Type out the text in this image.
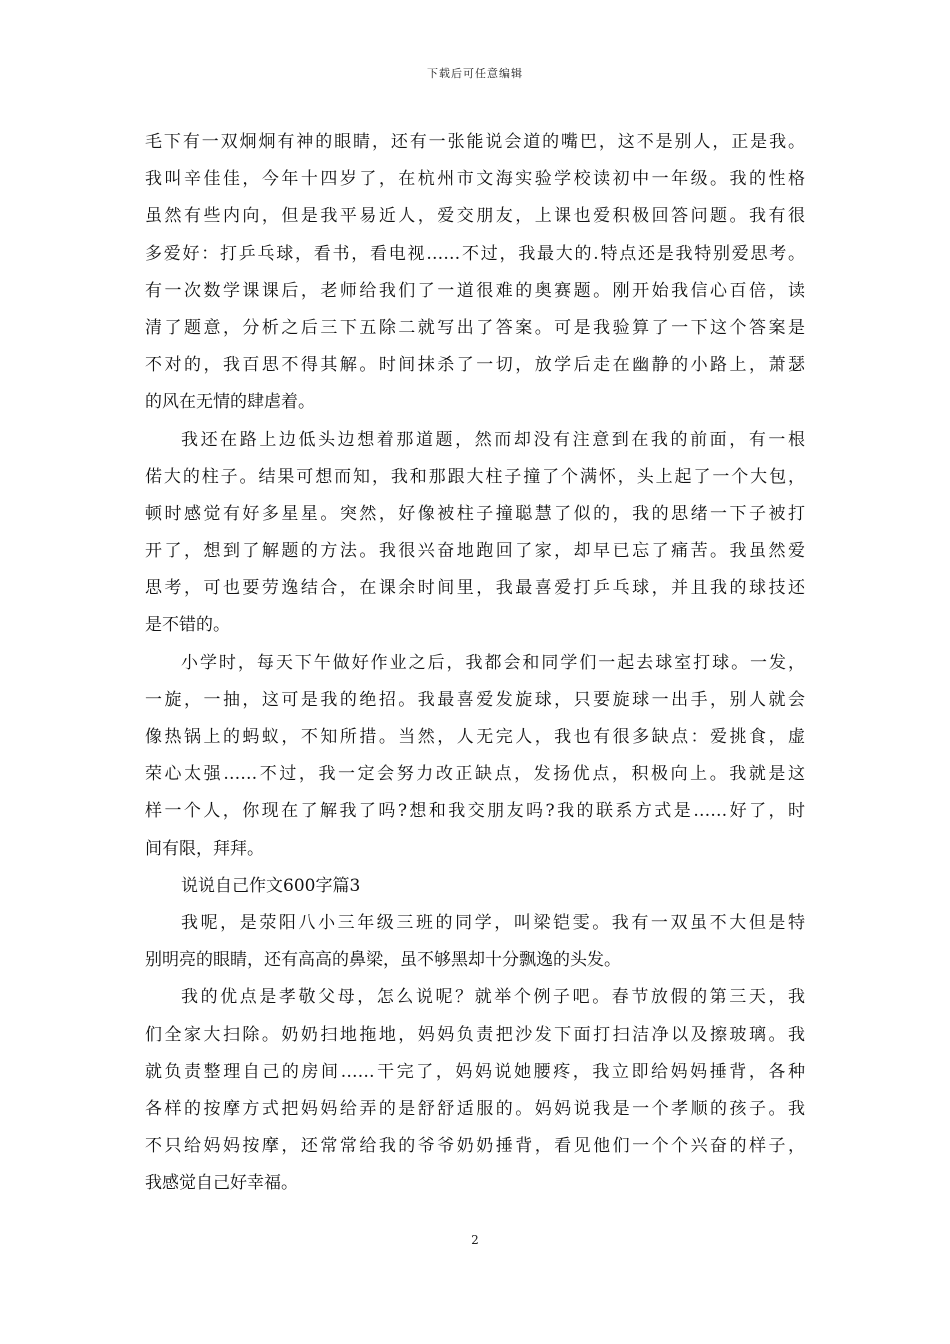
下载后可任意编辑
毛下有一双炯炯有神的眼睛，还有一张能说会道的嘴巴，这不是别人，正是我。
我叫辛佳佳，今年十四岁了，在杭州市文海实验学校读初中一年级。我的性格
虽然有些内向，但是我平易近人，爱交朋友，上课也爱积极回答问题。我有很
多爱好：打乒乓球，看书，看电视……不过，我最大的.特点还是我特别爱思考。
有一次数学课课后，老师给我们了一道很难的奥赛题。刚开始我信心百倍，读
清了题意，分析之后三下五除二就写出了答案。可是我验算了一下这个答案是
不对的，我百思不得其解。时间抹杀了一切，放学后走在幽静的小路上，萧瑟
的风在无情的肆虐着。
我还在路上边低头边想着那道题，然而却没有注意到在我的前面，有一根
偌大的柱子。结果可想而知，我和那跟大柱子撞了个满怀，头上起了一个大包，
顿时感觉有好多星星。突然，好像被柱子撞聪慧了似的，我的思绪一下子被打
开了，想到了解题的方法。我很兴奋地跑回了家，却早已忘了痛苦。我虽然爱
思考，可也要劳逸结合，在课余时间里，我最喜爱打乒乓球，并且我的球技还
是不错的。
小学时，每天下午做好作业之后，我都会和同学们一起去球室打球。一发，
一旋，一抽，这可是我的绝招。我最喜爱发旋球，只要旋球一出手，别人就会
像热锅上的蚂蚁，不知所措。当然，人无完人，我也有很多缺点：爱挑食，虚
荣心太强……不过，我一定会努力改正缺点，发扬优点，积极向上。我就是这
样一个人，你现在了解我了吗?想和我交朋友吗?我的联系方式是……好了，时
间有限，拜拜。
说说自己作文600字篇3
我呢，是荥阳八小三年级三班的同学，叫梁铠雯。我有一双虽不大但是特
别明亮的眼睛，还有高高的鼻梁，虽不够黑却十分飘逸的头发。
我的优点是孝敬父母，怎么说呢？就举个例子吧。春节放假的第三天，我
们全家大扫除。奶奶扫地拖地，妈妈负责把沙发下面打扫洁净以及擦玻璃。我
就负责整理自己的房间……干完了，妈妈说她腰疼，我立即给妈妈捶背，各种
各样的按摩方式把妈妈给弄的是舒舒适服的。妈妈说我是一个孝顺的孩子。我
不只给妈妈按摩，还常常给我的爷爷奶奶捶背，看见他们一个个兴奋的样子，
我感觉自己好幸福。
2
